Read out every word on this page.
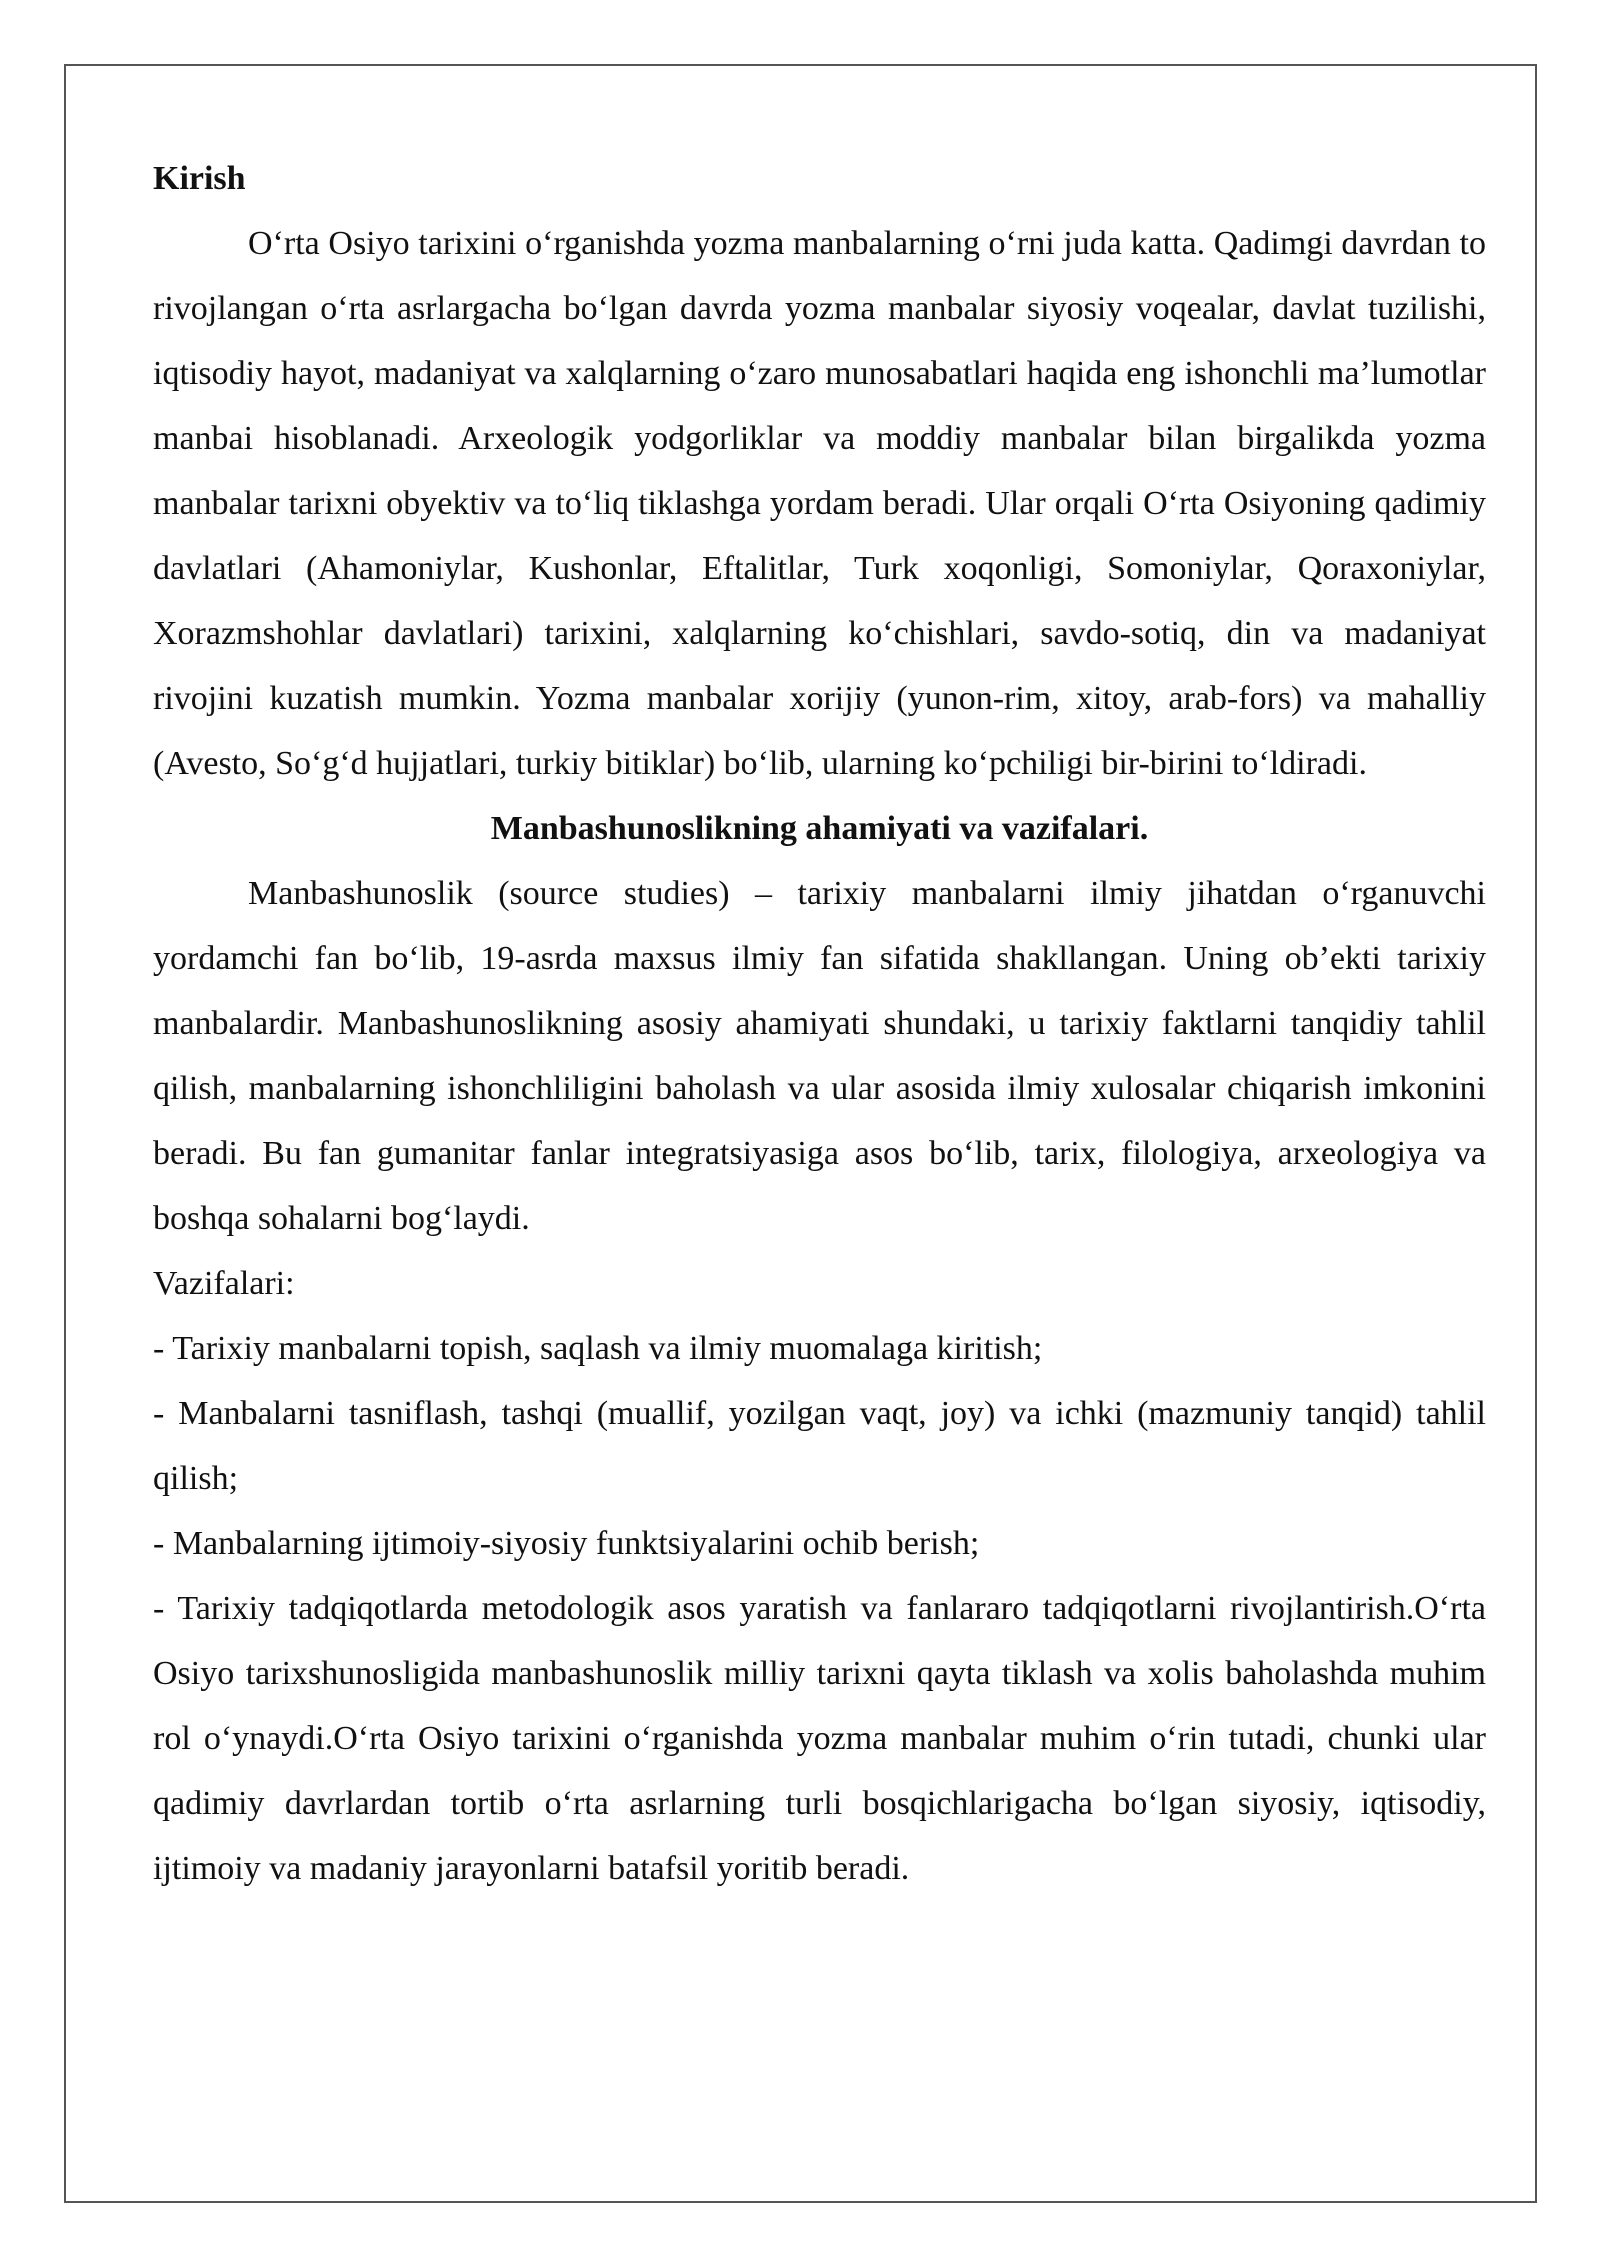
Kirish

O‘rta Osiyo tarixini o‘rganishda yozma manbalarning o‘rni juda katta. Qadimgi davrdan to rivojlangan o‘rta asrlargacha bo‘lgan davrda yozma manbalar siyosiy voqealar, davlat tuzilishi, iqtisodiy hayot, madaniyat va xalqlarning o‘zaro munosabatlari haqida eng ishonchli ma’lumotlar manbai hisoblanadi. Arxeologik yodgorliklar va moddiy manbalar bilan birgalikda yozma manbalar tarixni obyektiv va to‘liq tiklashga yordam beradi. Ular orqali O‘rta Osiyoning qadimiy davlatlari (Ahamoniylar, Kushonlar, Eftalitlar, Turk xoqonligi, Somoniylar, Qoraxoniylar, Xorazmshohlar davlatlari) tarixini, xalqlarning ko‘chishlari, savdo-sotiq, din va madaniyat rivojini kuzatish mumkin. Yozma manbalar xorijiy (yunon-rim, xitoy, arab-fors) va mahalliy (Avesto, So‘g‘d hujjatlari, turkiy bitiklar) bo‘lib, ularning ko‘pchiligi bir-birini to‘ldiradi.

Manbashunoslikning ahamiyati va vazifalari.

Manbashunoslik (source studies) – tarixiy manbalarni ilmiy jihatdan o‘rganuvchi yordamchi fan bo‘lib, 19-asrda maxsus ilmiy fan sifatida shakllangan. Uning ob’ekti tarixiy manbalardir. Manbashunoslikning asosiy ahamiyati shundaki, u tarixiy faktlarni tanqidiy tahlil qilish, manbalarning ishonchliligini baholash va ular asosida ilmiy xulosalar chiqarish imkonini beradi. Bu fan gumanitar fanlar integratsiyasiga asos bo‘lib, tarix, filologiya, arxeologiya va boshqa sohalarni bog‘laydi.

Vazifalari:

- Tarixiy manbalarni topish, saqlash va ilmiy muomalaga kiritish;

- Manbalarni tasniflash, tashqi (muallif, yozilgan vaqt, joy) va ichki (mazmuniy tanqid) tahlil qilish;

- Manbalarning ijtimoiy-siyosiy funktsiyalarini ochib berish;

- Tarixiy tadqiqotlarda metodologik asos yaratish va fanlararo tadqiqotlarni rivojlantirish.O‘rta Osiyo tarixshunosligida manbashunoslik milliy tarixni qayta tiklash va xolis baholashda muhim rol o‘ynaydi.O‘rta Osiyo tarixini o‘rganishda yozma manbalar muhim o‘rin tutadi, chunki ular qadimiy davrlardan tortib o‘rta asrlarning turli bosqichlarigacha bo‘lgan siyosiy, iqtisodiy, ijtimoiy va madaniy jarayonlarni batafsil yoritib beradi.
